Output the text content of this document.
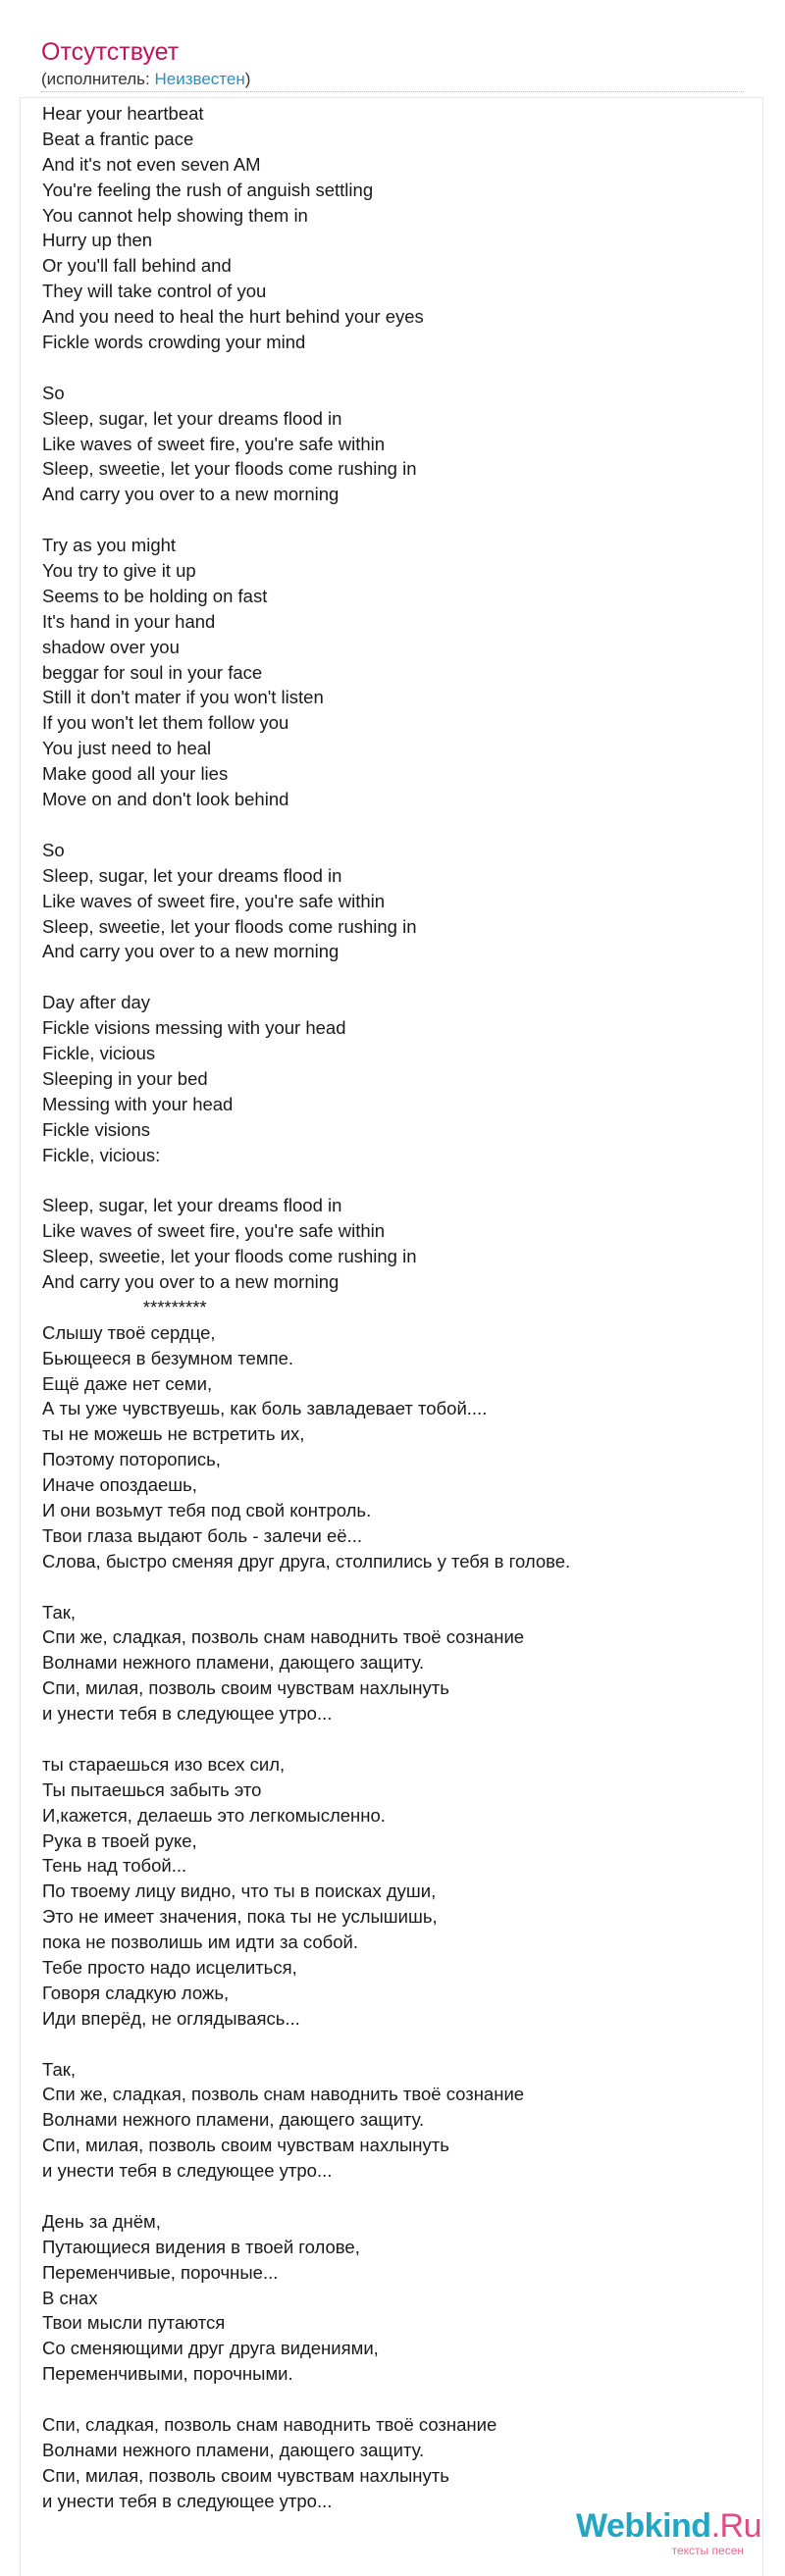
Отсутствует
(исполнитель: Неизвестен)
Hear your heartbeat
Beat a frantic pace
And it's not even seven AM
You're feeling the rush of anguish settling
You cannot help showing them in
Hurry up then
Or you'll fall behind and
They will take control of you
And you need to heal the hurt behind your eyes
Fickle words crowding your mind
So
Sleep, sugar, let your dreams flood in
Like waves of sweet fire, you're safe within
Sleep, sweetie, let your floods come rushing in
And carry you over to a new morning
Try as you might
You try to give it up
Seems to be holding on fast
It's hand in your hand
shadow over you
beggar for soul in your face
Still it don't mater if you won't listen
If you won't let them follow you
You just need to heal
Make good all your lies
Move on and don't look behind
So
Sleep, sugar, let your dreams flood in
Like waves of sweet fire, you're safe within
Sleep, sweetie, let your floods come rushing in
And carry you over to a new morning
Day after day
Fickle visions messing with your head
Fickle, vicious
Sleeping in your bed
Messing with your head
Fickle visions
Fickle, vicious:
Sleep, sugar, let your dreams flood in
Like waves of sweet fire, you're safe within
Sleep, sweetie, let your floods come rushing in
And carry you over to a new morning
*********
Слышу твоё сердце,
Бьющееся в безумном темпе.
Ещё даже нет семи,
А ты уже чувствуешь, как боль завладевает тобой....
ты не можешь не встретить их,
Поэтому поторопись,
Иначе опоздаешь,
И они возьмут тебя под свой контроль.
Твои глаза выдают боль - залечи её...
Слова, быстро сменяя друг друга, столпились у тебя в голове.
Так,
Спи же, сладкая, позволь снам наводнить твоё сознание
Волнами нежного пламени, дающего защиту.
Спи, милая, позволь своим чувствам нахлынуть
и унести тебя в следующее утро...
ты стараешься изо всех сил,
Ты пытаешься забыть это
И,кажется, делаешь это легкомысленно.
Рука в твоей руке,
Тень над тобой...
По твоему лицу видно, что ты в поисках души,
Это не имеет значения, пока ты не услышишь,
пока не позволишь им идти за собой.
Тебе просто надо исцелиться,
Говоря сладкую ложь,
Иди вперёд, не оглядываясь...
Так,
Спи же, сладкая, позволь снам наводнить твоё сознание
Волнами нежного пламени, дающего защиту.
Спи, милая, позволь своим чувствам нахлынуть
и унести тебя в следующее утро...
День за днём,
Путающиеся видения в твоей голове,
Переменчивые, порочные...
В снах
Твои мысли путаются
Со сменяющими друг друга видениями,
Переменчивыми, порочными.
Спи, сладкая, позволь снам наводнить твоё сознание
Волнами нежного пламени, дающего защиту.
Спи, милая, позволь своим чувствам нахлынуть
и унести тебя в следующее утро...
Webkind.Ru
тексты песен
